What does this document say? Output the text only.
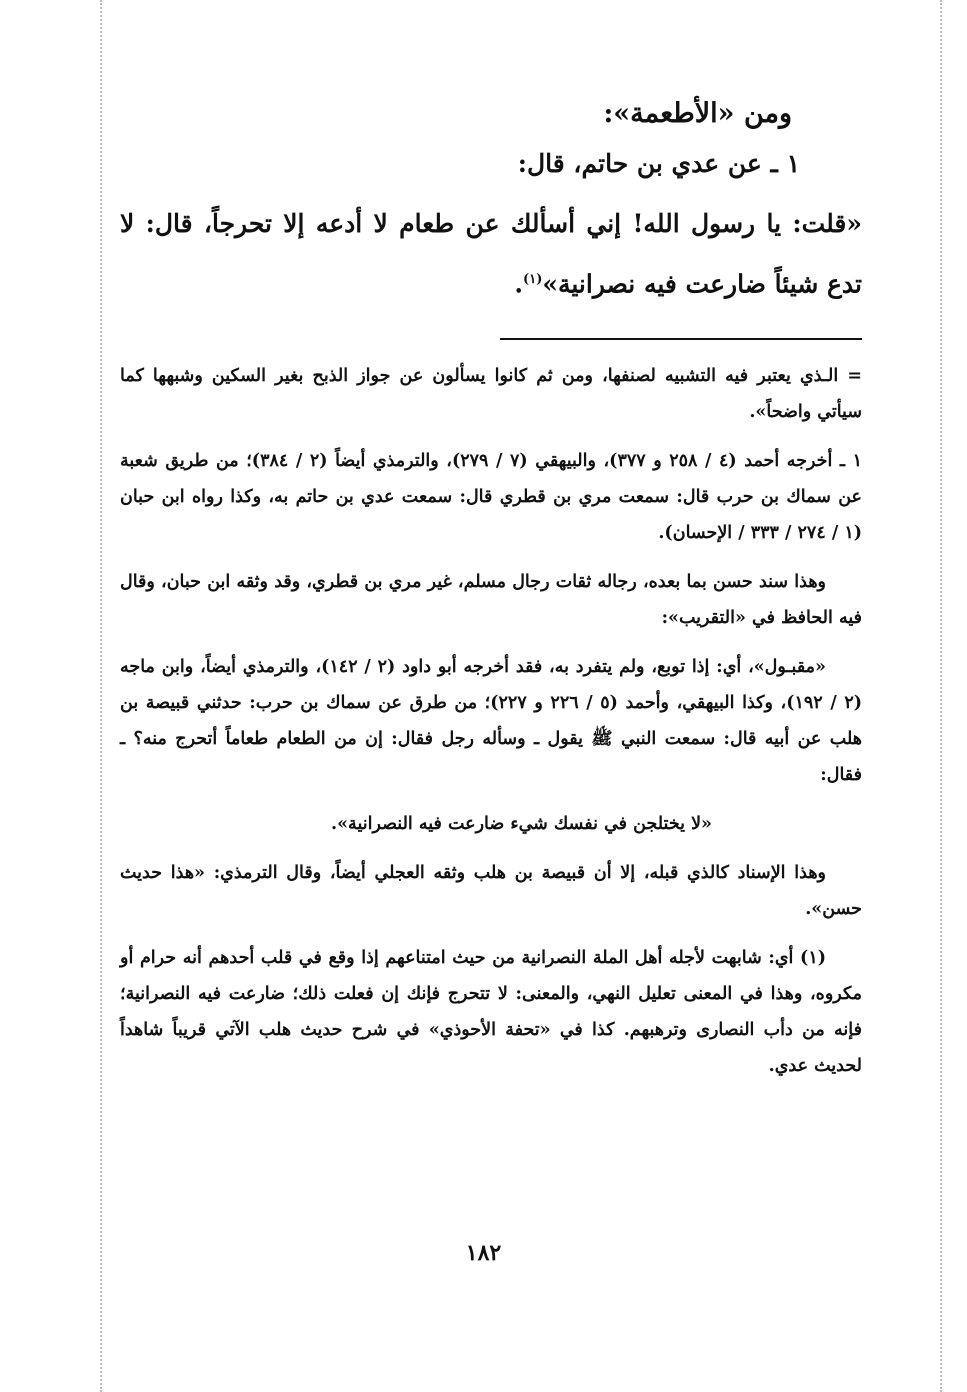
ومن «الأطعمة»:

١ ـ عن عدي بن حاتم، قال:

«قلت: يا رسول الله! إني أسألك عن طعام لا أدعه إلا تحرجاً، قال: لا تدع شيئاً ضارعت فيه نصرانية»$^{(١)}$.

= الـذي يعتبر فيه التشبيه لصنفها، ومن ثم كانوا يسألون عن جواز الذبح بغير السكين وشبهها كما سيأتي واضحاً».

١ ـ أخرجه أحمد (٤ / ٢٥٨ و ٣٧٧)، والبيهقي (٧ / ٢٧٩)، والترمذي أيضاً (٢ / ٣٨٤)؛ من طريق شعبة عن سماك بن حرب قال: سمعت مري بن قطري قال: سمعت عدي بن حاتم به، وكذا رواه ابن حبان (١ / ٢٧٤ / ٣٣٣ / الإحسان).

وهذا سند حسن بما بعده، رجاله ثقات رجال مسلم، غير مري بن قطري، وقد وثقه ابن حبان، وقال فيه الحافظ في «التقريب»:

«مقبـول»، أي: إذا توبع، ولم يتفرد به، فقد أخرجه أبو داود (٢ / ١٤٢)، والترمذي أيضاً، وابن ماجه (٢ / ١٩٢)، وكذا البيهقي، وأحمد (٥ / ٢٢٦ و ٢٢٧)؛ من طرق عن سماك بن حرب: حدثني قبيصة بن هلب عن أبيه قال: سمعت النبي ﷺ يقول ـ وسأله رجل فقال: إن من الطعام طعاماً أتحرج منه؟ ـ فقال:

«لا يختلجن في نفسك شيء ضارعت فيه النصرانية».

وهذا الإسناد كالذي قبله، إلا أن قبيصة بن هلب وثقه العجلي أيضاً، وقال الترمذي: «هذا حديث حسن».

(١) أي: شابهت لأجله أهل الملة النصرانية من حيث امتناعهم إذا وقع في قلب أحدهم أنه حرام أو مكروه، وهذا في المعنى تعليل النهي، والمعنى: لا تتحرج فإنك إن فعلت ذلك؛ ضارعت فيه النصرانية؛ فإنه من دأب النصارى وترهبهم. كذا في «تحفة الأحوذي» في شرح حديث هلب الآتي قريباً شاهداً لحديث عدي.

١٨٢
